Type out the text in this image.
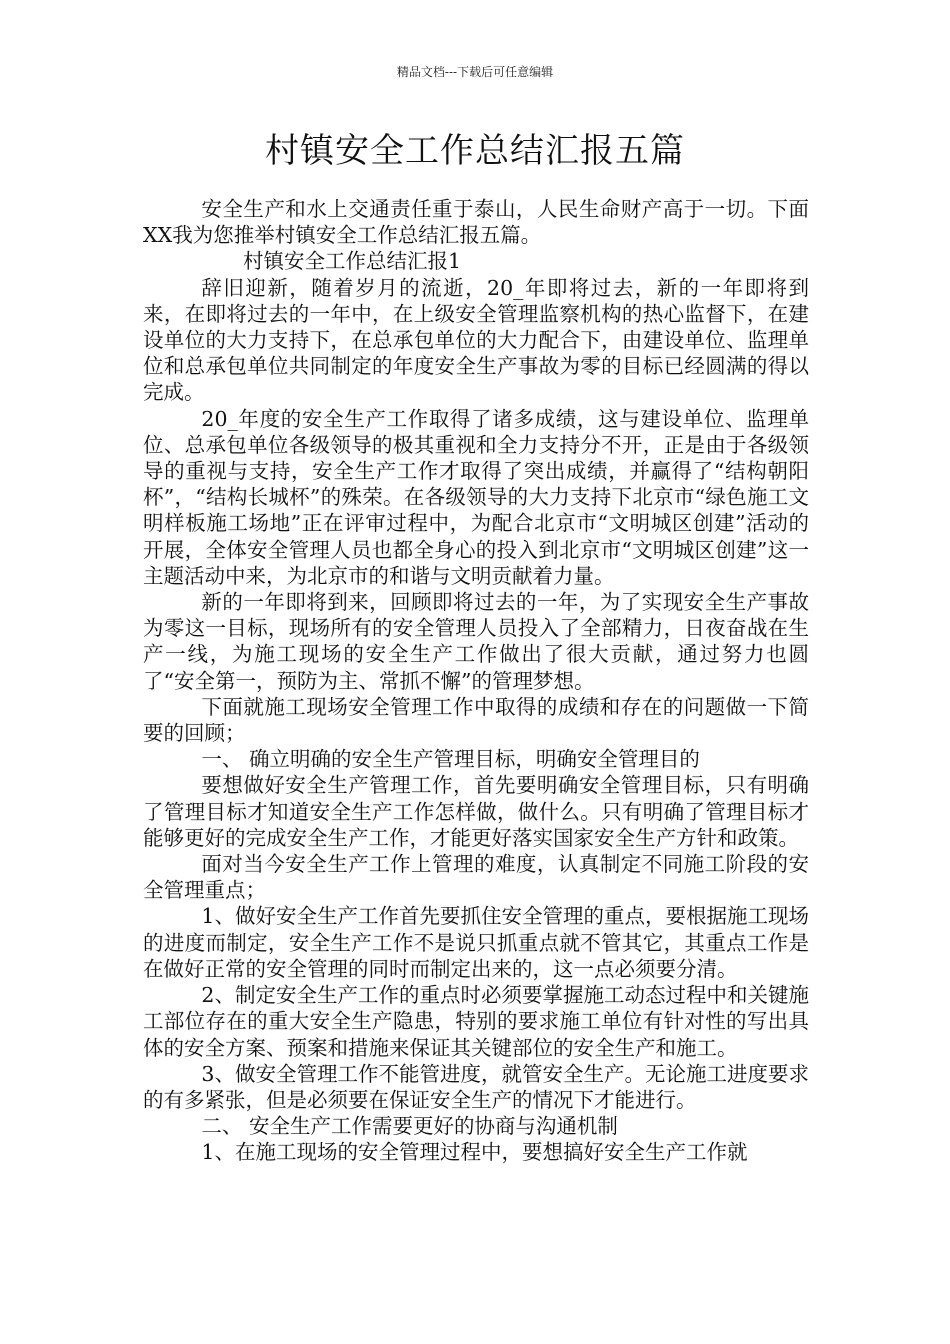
精品文档---下载后可任意编辑
村镇安全工作总结汇报五篇

安全生产和水上交通责任重于泰山，人民生命财产高于一切。下面XX我为您推举村镇安全工作总结汇报五篇。

村镇安全工作总结汇报1

辞旧迎新，随着岁月的流逝，20_年即将过去，新的一年即将到来，在即将过去的一年中，在上级安全管理监察机构的热心监督下，在建设单位的大力支持下，在总承包单位的大力配合下，由建设单位、监理单位和总承包单位共同制定的年度安全生产事故为零的目标已经圆满的得以完成。

20_年度的安全生产工作取得了诸多成绩，这与建设单位、监理单位、总承包单位各级领导的极其重视和全力支持分不开，正是由于各级领导的重视与支持，安全生产工作才取得了突出成绩，并赢得了“结构朝阳杯”，“结构长城杯”的殊荣。在各级领导的大力支持下北京市“绿色施工文明样板施工场地”正在评审过程中，为配合北京市“文明城区创建”活动的开展，全体安全管理人员也都全身心的投入到北京市“文明城区创建”这一主题活动中来，为北京市的和谐与文明贡献着力量。

新的一年即将到来，回顾即将过去的一年，为了实现安全生产事故为零这一目标，现场所有的安全管理人员投入了全部精力，日夜奋战在生产一线，为施工现场的安全生产工作做出了很大贡献，通过努力也圆了“安全第一，预防为主、常抓不懈”的管理梦想。

下面就施工现场安全管理工作中取得的成绩和存在的问题做一下简要的回顾；

一、 确立明确的安全生产管理目标，明确安全管理目的

要想做好安全生产管理工作，首先要明确安全管理目标，只有明确了管理目标才知道安全生产工作怎样做，做什么。只有明确了管理目标才能够更好的完成安全生产工作，才能更好落实国家安全生产方针和政策。

面对当今安全生产工作上管理的难度，认真制定不同施工阶段的安全管理重点；

1、做好安全生产工作首先要抓住安全管理的重点，要根据施工现场的进度而制定，安全生产工作不是说只抓重点就不管其它，其重点工作是在做好正常的安全管理的同时而制定出来的，这一点必须要分清。

2、制定安全生产工作的重点时必须要掌握施工动态过程中和关键施工部位存在的重大安全生产隐患，特别的要求施工单位有针对性的写出具体的安全方案、预案和措施来保证其关键部位的安全生产和施工。

3、做安全管理工作不能管进度，就管安全生产。无论施工进度要求的有多紧张，但是必须要在保证安全生产的情况下才能进行。

二、 安全生产工作需要更好的协商与沟通机制

1、在施工现场的安全管理过程中，要想搞好安全生产工作就
